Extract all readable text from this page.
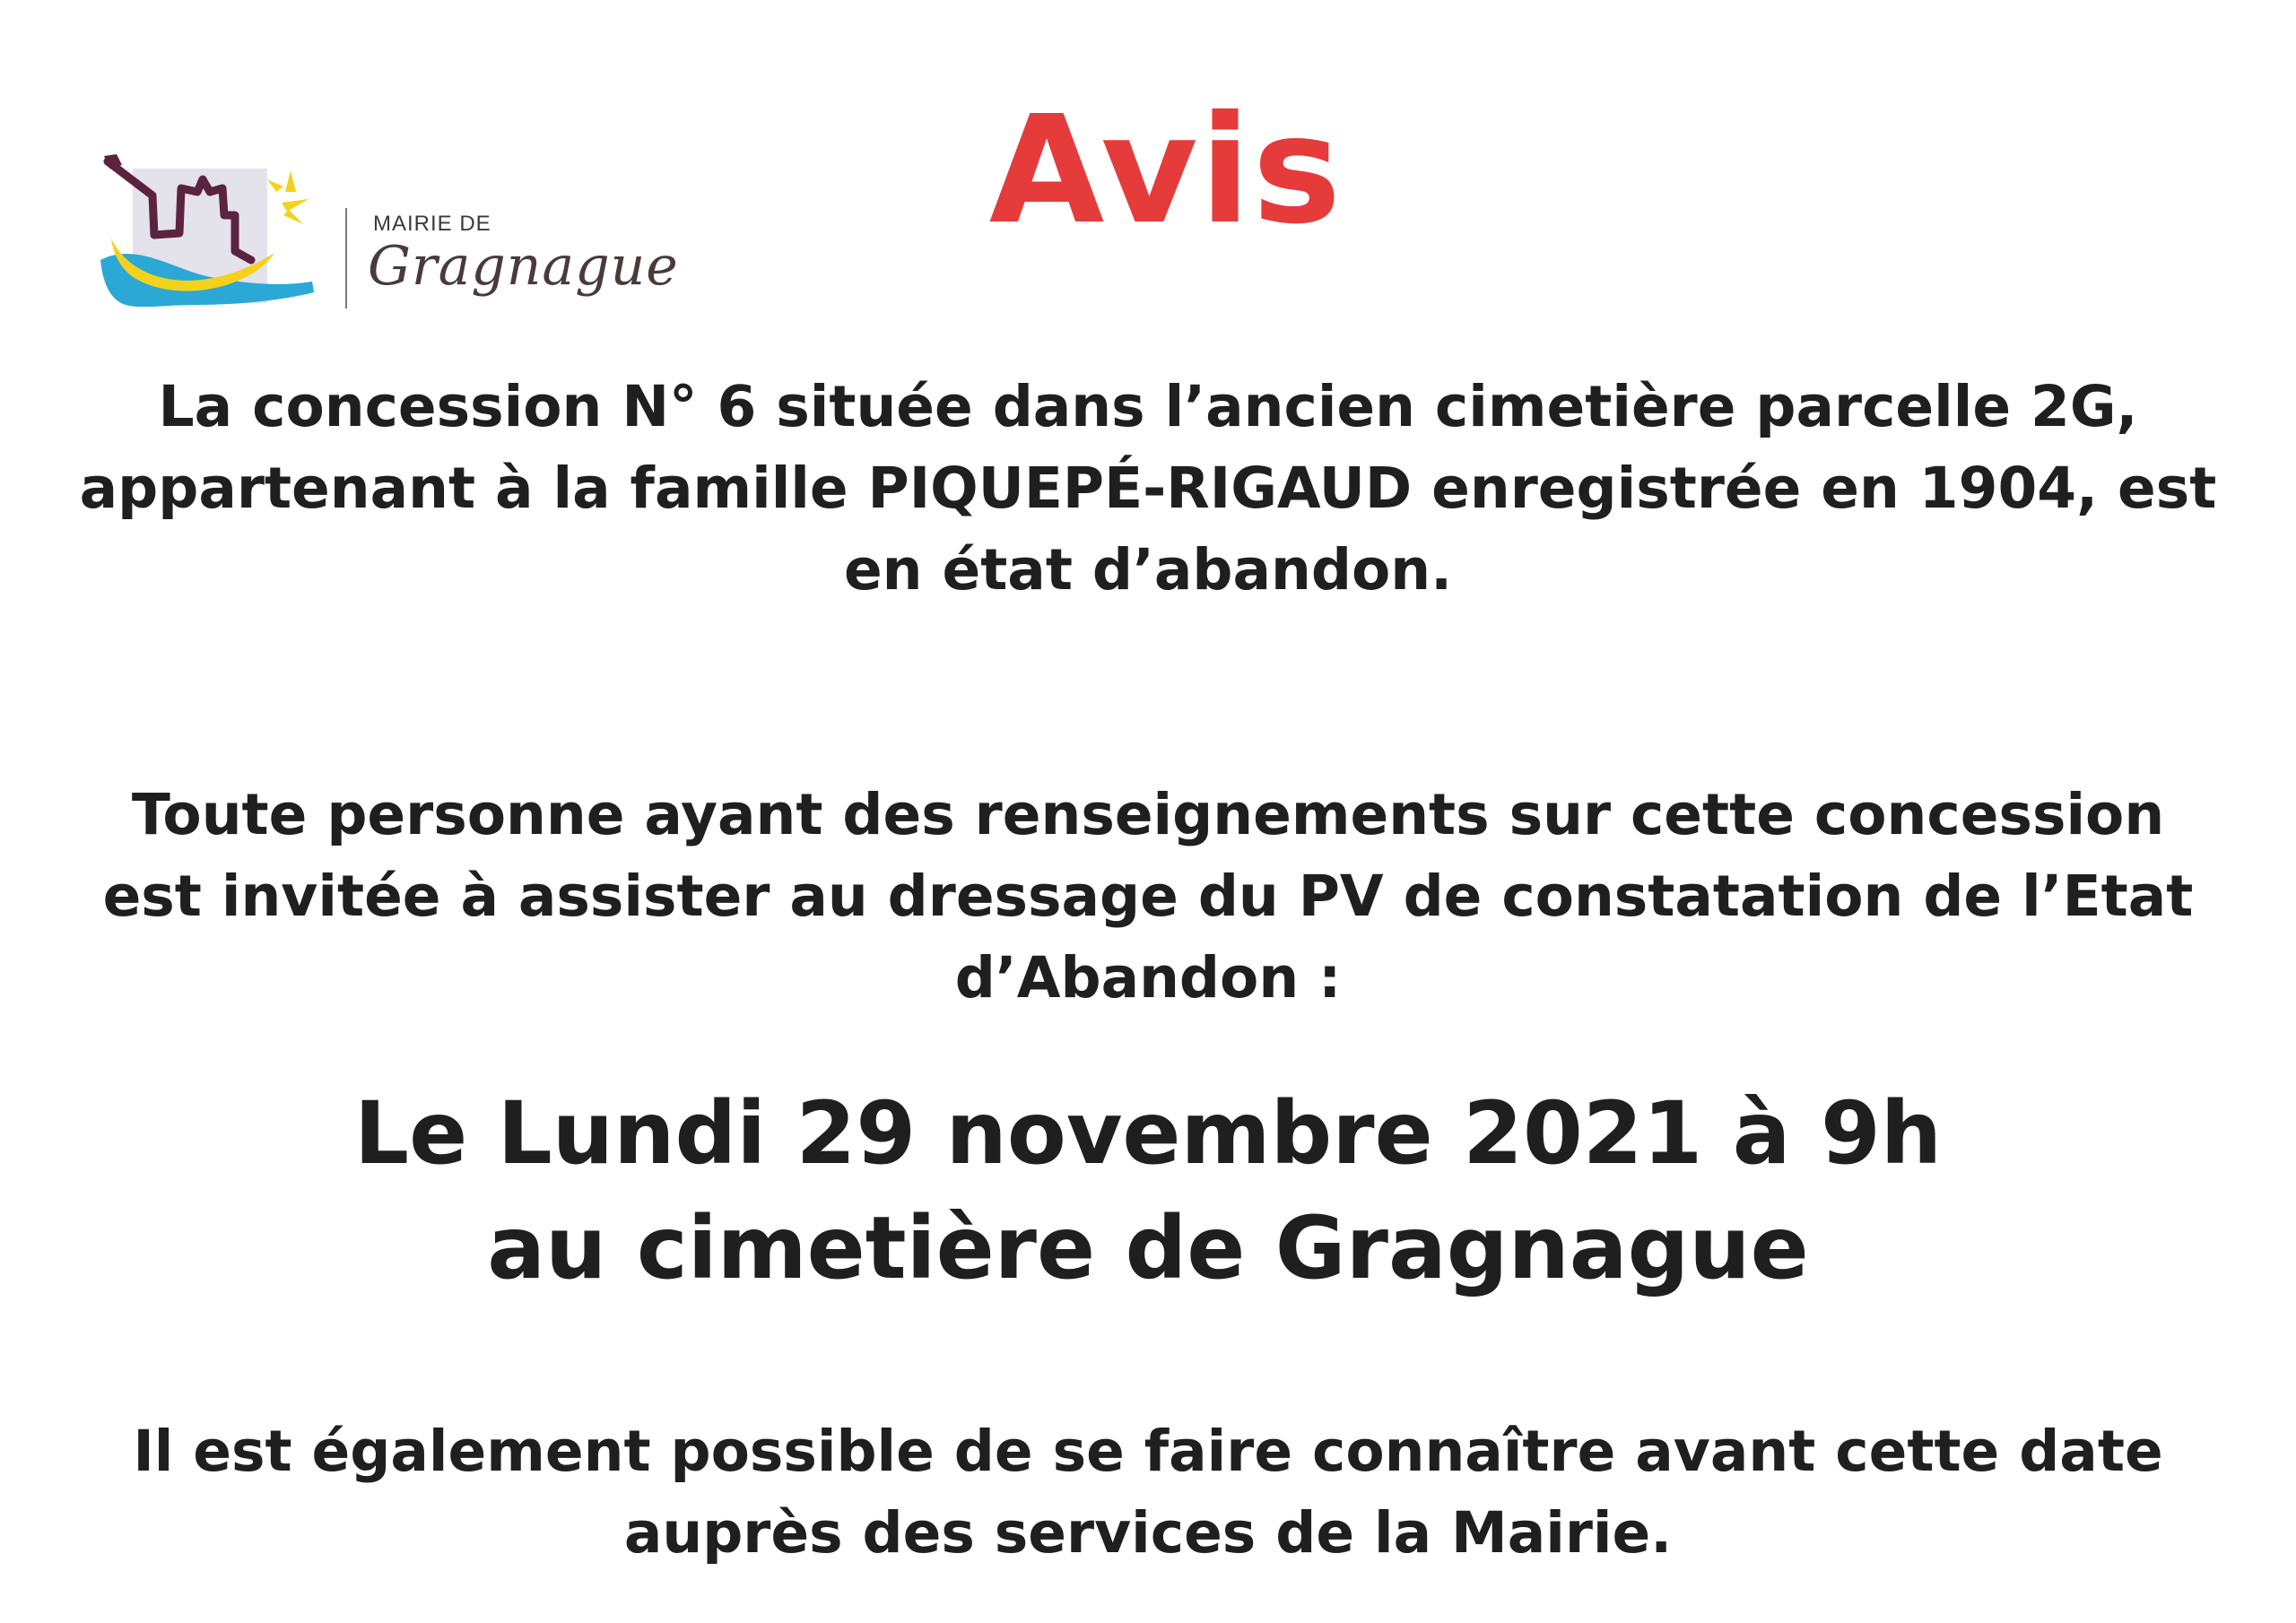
MAIRIE DE
Gragnague
Avis
La concession N° 6 située dans l’ancien cimetière parcelle 2G,
appartenant à la famille PIQUEPÉ-RIGAUD enregistrée en 1904, est
en état d’abandon.
Toute personne ayant des renseignements sur cette concession
est invitée à assister au dressage du PV de constatation de l’Etat
d’Abandon :
Le Lundi 29 novembre 2021 à 9h
au cimetière de Gragnague
Il est également possible de se faire connaître avant cette date
auprès des services de la Mairie.
